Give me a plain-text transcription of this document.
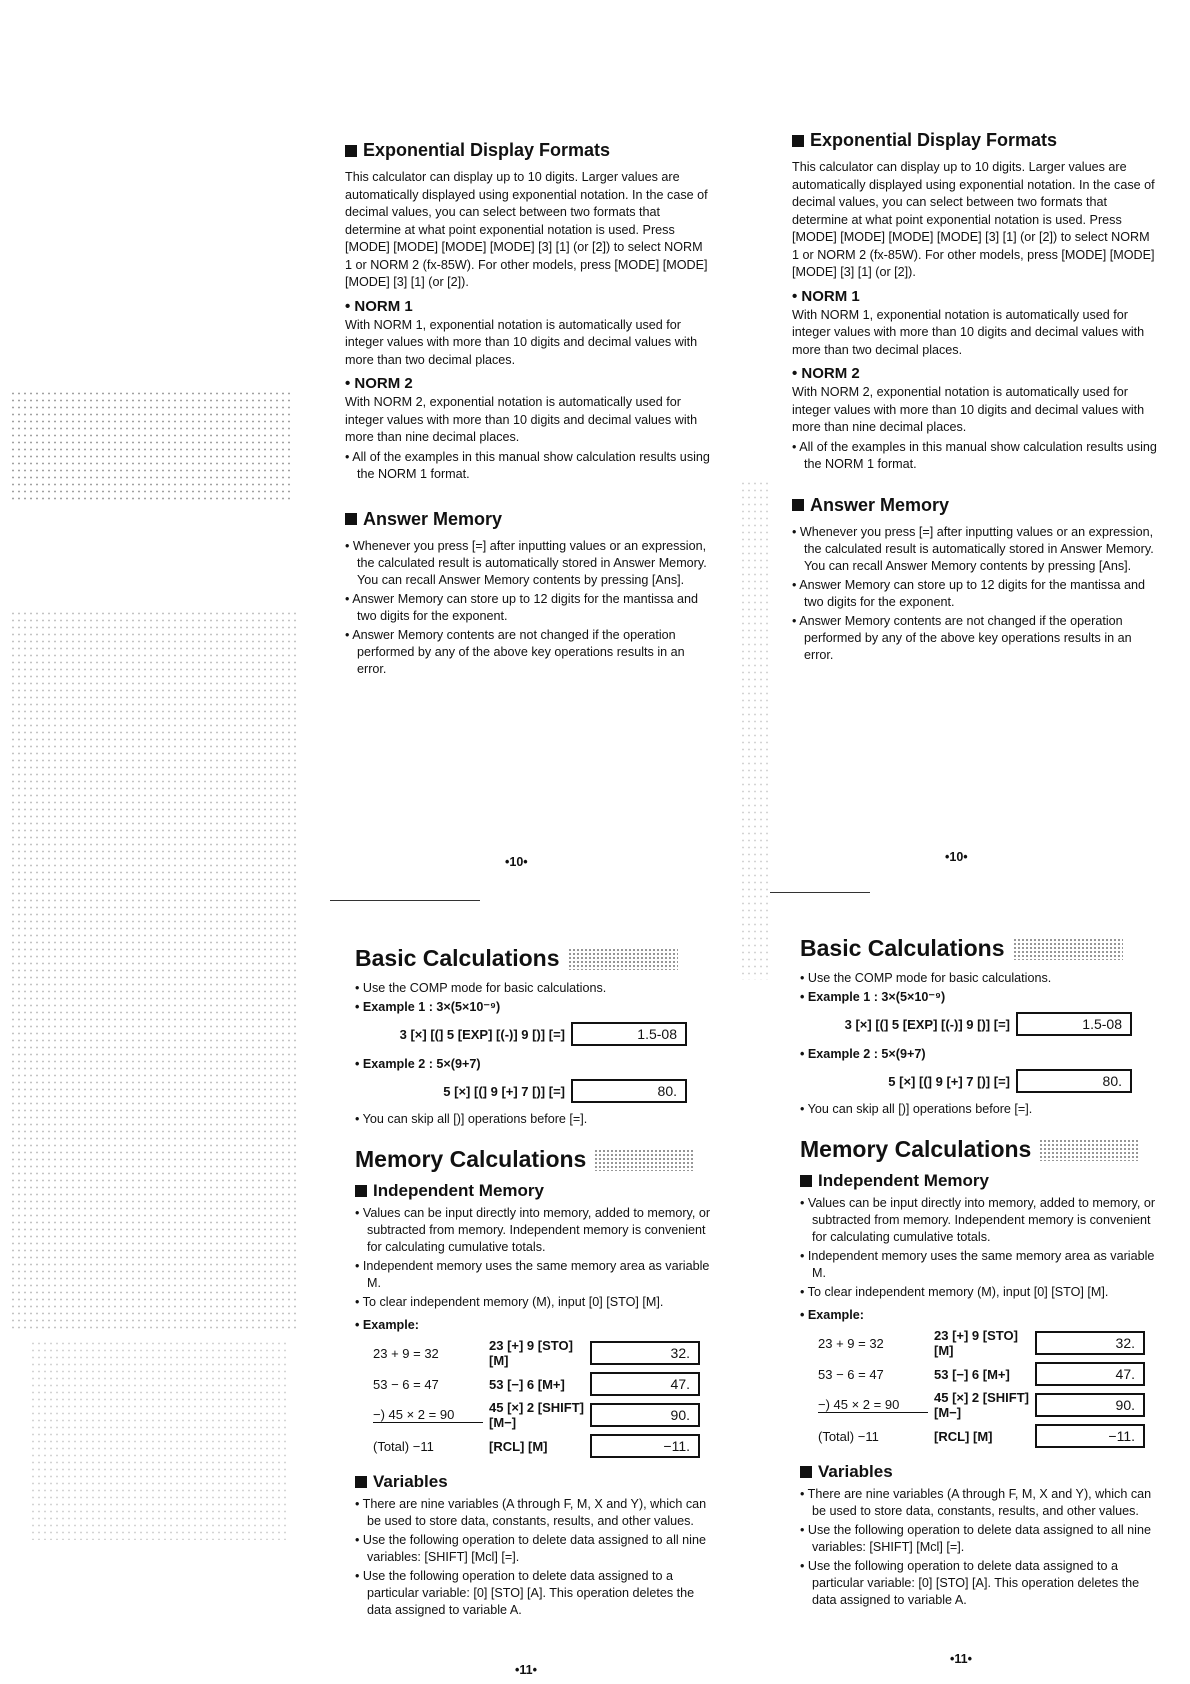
Exponential Display Formats

This calculator can display up to 10 digits. Larger values are automatically displayed using exponential notation. In the case of decimal values, you can select between two formats that determine at what point exponential notation is used. Press [MODE] [MODE] [MODE] [MODE] [3] [1] (or [2]) to select NORM 1 or NORM 2 (fx-85W). For other models, press [MODE] [MODE] [MODE] [3] [1] (or [2]).

• NORM 1

With NORM 1, exponential notation is automatically used for integer values with more than 10 digits and decimal values with more than two decimal places.

• NORM 2

With NORM 2, exponential notation is automatically used for integer values with more than 10 digits and decimal values with more than nine decimal places.

• All of the examples in this manual show calculation results using the NORM 1 format.

Answer Memory

• Whenever you press [=] after inputting values or an expression, the calculated result is automatically stored in Answer Memory. You can recall Answer Memory contents by pressing [Ans].

• Answer Memory can store up to 12 digits for the mantissa and two digits for the exponent.

• Answer Memory contents are not changed if the operation performed by any of the above key operations results in an error.

•10•
Exponential Display Formats

This calculator can display up to 10 digits. Larger values are automatically displayed using exponential notation. In the case of decimal values, you can select between two formats that determine at what point exponential notation is used. Press [MODE] [MODE] [MODE] [MODE] [3] [1] (or [2]) to select NORM 1 or NORM 2 (fx-85W). For other models, press [MODE] [MODE] [MODE] [3] [1] (or [2]).

• NORM 1

With NORM 1, exponential notation is automatically used for integer values with more than 10 digits and decimal values with more than two decimal places.

• NORM 2

With NORM 2, exponential notation is automatically used for integer values with more than 10 digits and decimal values with more than nine decimal places.

• All of the examples in this manual show calculation results using the NORM 1 format.

Answer Memory

• Whenever you press [=] after inputting values or an expression, the calculated result is automatically stored in Answer Memory. You can recall Answer Memory contents by pressing [Ans].

• Answer Memory can store up to 12 digits for the mantissa and two digits for the exponent.

• Answer Memory contents are not changed if the operation performed by any of the above key operations results in an error.

•10•
Basic Calculations

• Use the COMP mode for basic calculations.

• Example 1 : 3×(5×10⁻⁹)

3 [×] [(] 5 [EXP] [(-)] 9 [)] [=]	1.5-08

• Example 2 : 5×(9+7)

5 [×] [(] 9 [+] 7 [)] [=]	80.

• You can skip all [)] operations before [=].

Memory Calculations
Independent Memory

• Values can be input directly into memory, added to memory, or subtracted from memory. Independent memory is convenient for calculating cumulative totals.

• Independent memory uses the same memory area as variable M.

• To clear independent memory (M), input [0] [STO] [M].

• Example:

23 + 9 = 32	23 [+] 9 [STO] [M]	32.
53 − 6 = 47	53 [−] 6 [M+]	47.
−) 45 × 2 = 90	45 [×] 2 [SHIFT] [M−]	90.
(Total) −11	[RCL] [M]	−11.
Variables

• There are nine variables (A through F, M, X and Y), which can be used to store data, constants, results, and other values.

• Use the following operation to delete data assigned to all nine variables: [SHIFT] [Mcl] [=].

• Use the following operation to delete data assigned to a particular variable: [0] [STO] [A]. This operation deletes the data assigned to variable A.

•11•
Basic Calculations

• Use the COMP mode for basic calculations.

• Example 1 : 3×(5×10⁻⁹)

3 [×] [(] 5 [EXP] [(-)] 9 [)] [=]	1.5-08

• Example 2 : 5×(9+7)

5 [×] [(] 9 [+] 7 [)] [=]	80.

• You can skip all [)] operations before [=].

Memory Calculations
Independent Memory

• Values can be input directly into memory, added to memory, or subtracted from memory. Independent memory is convenient for calculating cumulative totals.

• Independent memory uses the same memory area as variable M.

• To clear independent memory (M), input [0] [STO] [M].

• Example:

23 + 9 = 32	23 [+] 9 [STO] [M]	32.
53 − 6 = 47	53 [−] 6 [M+]	47.
−) 45 × 2 = 90	45 [×] 2 [SHIFT] [M−]	90.
(Total) −11	[RCL] [M]	−11.
Variables

• There are nine variables (A through F, M, X and Y), which can be used to store data, constants, results, and other values.

• Use the following operation to delete data assigned to all nine variables: [SHIFT] [Mcl] [=].

• Use the following operation to delete data assigned to a particular variable: [0] [STO] [A]. This operation deletes the data assigned to variable A.

•11•
